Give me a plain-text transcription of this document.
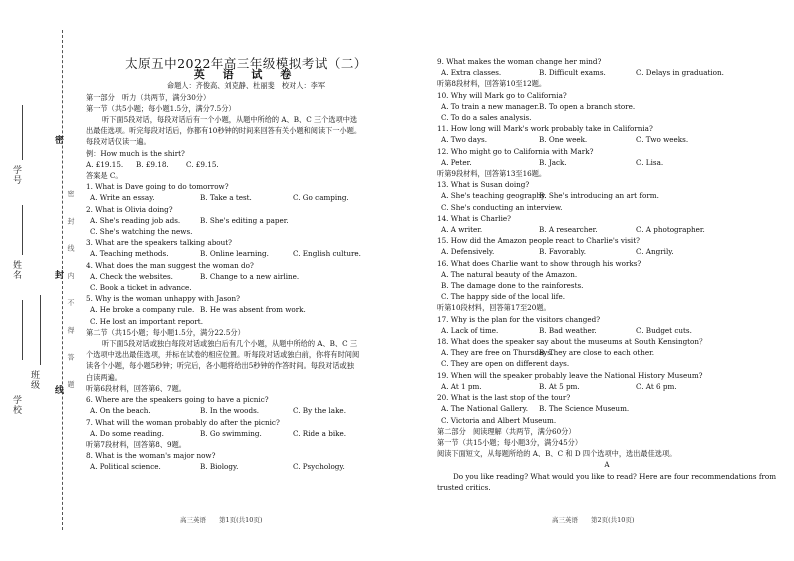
学校
姓名
学号
班级
密
密 封 线 内 不 得 答 题
封
线

太原五中2022年高三年级模拟考试（二）

英 语 试 卷

命题人：齐俊高、刘克静、杜丽斐　校对人：李军

第一部分　听力（共两节，满分30分）

第一节（共5小题；每小题1.5分，满分7.5分）

听下面5段对话，每段对话后有一个小题，从题中所给的 A、B、C 三个选项中选

出最佳选项。听完每段对话后，你都有10秒钟的时间来回答有关小题和阅读下一小题。

每段对话仅读一遍。

例：How much is the shirt?

A. £19.15.	B. £9.18.	C. £9.15.

答案是 C。

1. What is Dave going to do tomorrow?

A. Write an essay.	B. Take a test.	C. Go camping.

2. What is Olivia doing?

A. She's reading job ads.	B. She's editing a paper.

C. She's watching the news.

3. What are the speakers talking about?

A. Teaching methods.	B. Online learning.	C. English culture.

4. What does the man suggest the woman do?

A. Check the websites.	B. Change to a new airline.

C. Book a ticket in advance.

5. Why is the woman unhappy with Jason?

A. He broke a company rule. B. He was absent from work.

C. He lost an important report.

第二节（共15小题；每小题1.5分，满分22.5分）

听下面5段对话或独白每段对话或独白后有几个小题，从题中所给的 A、B、C 三

个选项中选出最佳选项，并标在试卷的相应位置。听每段对话或独白前，你将有时间阅

读各个小题，每小题5秒钟；听完后，各小题将给出5秒钟的作答时间。每段对话或独

白读两遍。

听第6段材料，回答第6、7题。

6. Where are the speakers going to have a picnic?

A. On the beach.	B. In the woods.	C. By the lake.

7. What will the woman probably do after the picnic?

A. Do some reading.	B. Go swimming.	C. Ride a bike.

听第7段材料，回答第8、9题。

8. What is the woman's major now?

A. Political science.	B. Biology.	C. Psychology.

9. What makes the woman change her mind?

A. Extra classes.	B. Difficult exams.	C. Delays in graduation.

听第8段材料，回答第10至12题。

10. Why will Mark go to California?

A. To train a new manager. B. To open a branch store.

C. To do a sales analysis.

11. How long will Mark's work probably take in California?

A. Two days.	B. One week.	C. Two weeks.

12. Who might go to California with Mark?

A. Peter.	B. Jack.	C. Lisa.

听第9段材料，回答第13至16题。

13. What is Susan doing?

A. She's teaching geography.
B. She's introducing an art form.

C. She's conducting an interview.

14. What is Charlie?

A. A writer.	B. A researcher.	C. A photographer.

15. How did the Amazon people react to Charlie's visit?

A. Defensively.	B. Favorably.	C. Angrily.

16. What does Charlie want to show through his works?

A. The natural beauty of the Amazon.

B. The damage done to the rainforests.

C. The happy side of the local life.

听第10段材料，回答第17至20题。

17. Why is the plan for the visitors changed?

A. Lack of time.	B. Bad weather.	C. Budget cuts.

18. What does the speaker say about the museums at South Kensington？

A. They are free on Thursdays.
B. They are close to each other.

C. They are open on different days.

19. When will the speaker probably leave the National History Museum?

A. At 1 pm.	B. At 5 pm.	C. At 6 pm.

20. What is the last stop of the tour?

A. The National Gallery.	B. The Science Museum.

C. Victoria and Albert Museum.

第二部分　阅读理解（共两节，满分60分）

第一节（共15小题；每小题3分，满分45分）

阅读下面短文，从每题所给的 A、B、C 和 D 四个选项中，选出最佳选项。

A

Do you like reading? What would you like to read? Here are four recommendations from

trusted critics.

高三英语　　第1页(共10页)	高三英语　　第2页(共10页)
